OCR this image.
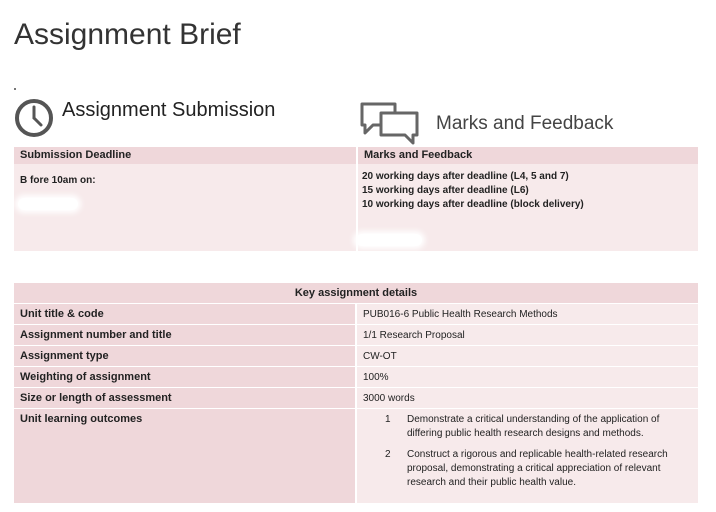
Assignment Brief
Assignment Submission
Marks and Feedback
Submission Deadline	Marks and Feedback
B fore 10am on:	20 working days after deadline (L4, 5 and 7)
15 working days after deadline (L6)
10 working days after deadline (block delivery)
Key assignment details	

Unit title & code	PUB016-6 Public Health Research Methods

Assignment number and title	1/1 Research Proposal

Assignment type	CW-OT

Weighting of assignment	100%

Size or length of assessment	3000 words

Unit learning outcomes	1 Demonstrate a critical understanding of the application of differing public health research designs and methods.
2 Construct a rigorous and replicable health-related research proposal, demonstrating a critical appreciation of relevant research and their public health value.
